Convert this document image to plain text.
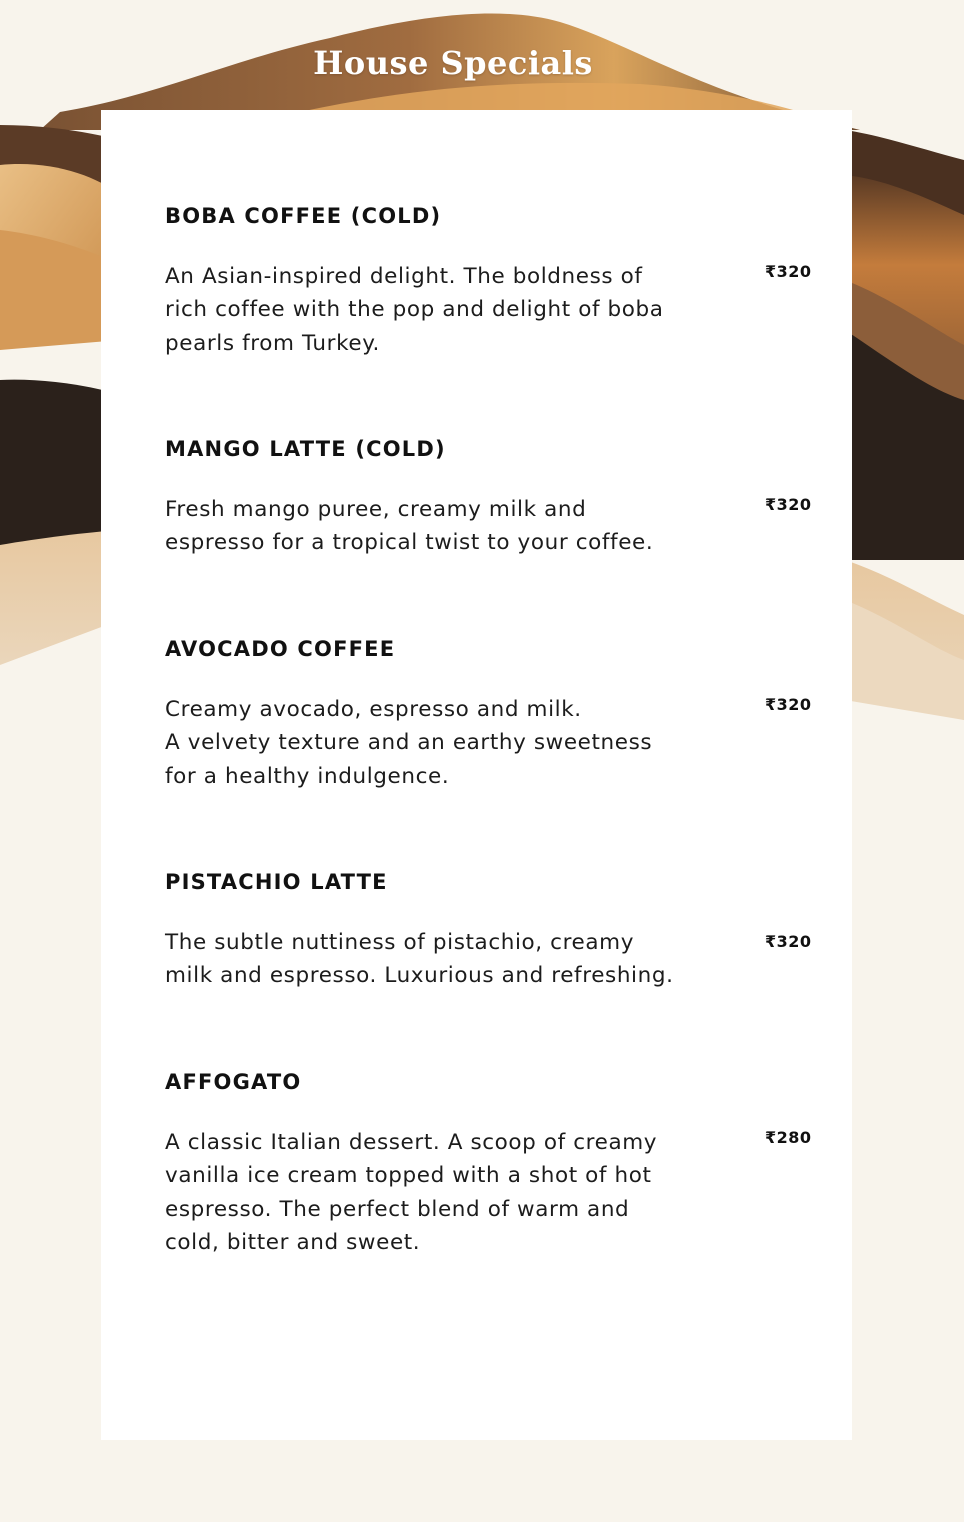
House Specials
BOBA COFFEE (COLD)
An Asian-inspired delight. The boldness of
rich coffee with the pop and delight of boba
pearls from Turkey.
₹320
MANGO LATTE (COLD)
Fresh mango puree, creamy milk and
espresso for a tropical twist to your coffee.
₹320
AVOCADO COFFEE
Creamy avocado, espresso and milk.
A velvety texture and an earthy sweetness
for a healthy indulgence.
₹320
PISTACHIO LATTE
The subtle nuttiness of pistachio, creamy
milk and espresso. Luxurious and refreshing.
₹320
AFFOGATO
A classic Italian dessert. A scoop of creamy
vanilla ice cream topped with a shot of hot
espresso. The perfect blend of warm and
cold, bitter and sweet.
₹280
